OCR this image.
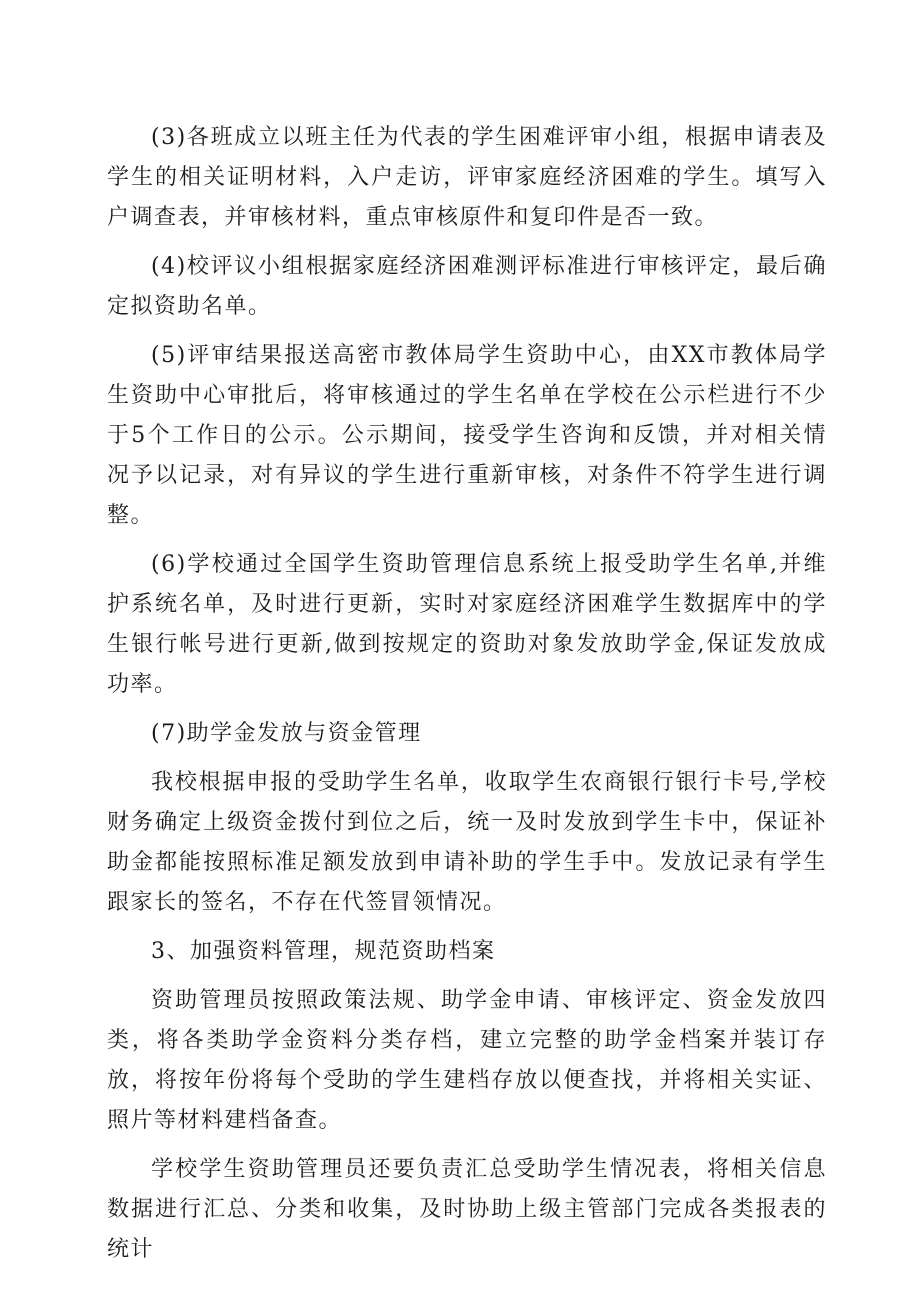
(3)各班成立以班主任为代表的学生困难评审小组，根据申请表及学生的相关证明材料，入户走访，评审家庭经济困难的学生。填写入户调查表，并审核材料，重点审核原件和复印件是否一致。

(4)校评议小组根据家庭经济困难测评标准进行审核评定，最后确定拟资助名单。

(5)评审结果报送高密市教体局学生资助中心，由XX市教体局学生资助中心审批后，将审核通过的学生名单在学校在公示栏进行不少于5个工作日的公示。公示期间，接受学生咨询和反馈，并对相关情况予以记录，对有异议的学生进行重新审核，对条件不符学生进行调整。

(6)学校通过全国学生资助管理信息系统上报受助学生名单,并维护系统名单，及时进行更新，实时对家庭经济困难学生数据库中的学生银行帐号进行更新,做到按规定的资助对象发放助学金,保证发放成功率。

(7)助学金发放与资金管理

我校根据申报的受助学生名单，收取学生农商银行银行卡号,学校财务确定上级资金拨付到位之后，统一及时发放到学生卡中，保证补助金都能按照标准足额发放到申请补助的学生手中。发放记录有学生跟家长的签名，不存在代签冒领情况。

3、加强资料管理，规范资助档案

资助管理员按照政策法规、助学金申请、审核评定、资金发放四类，将各类助学金资料分类存档，建立完整的助学金档案并装订存放，将按年份将每个受助的学生建档存放以便查找，并将相关实证、照片等材料建档备查。

学校学生资助管理员还要负责汇总受助学生情况表，将相关信息数据进行汇总、分类和收集，及时协助上级主管部门完成各类报表的统计
